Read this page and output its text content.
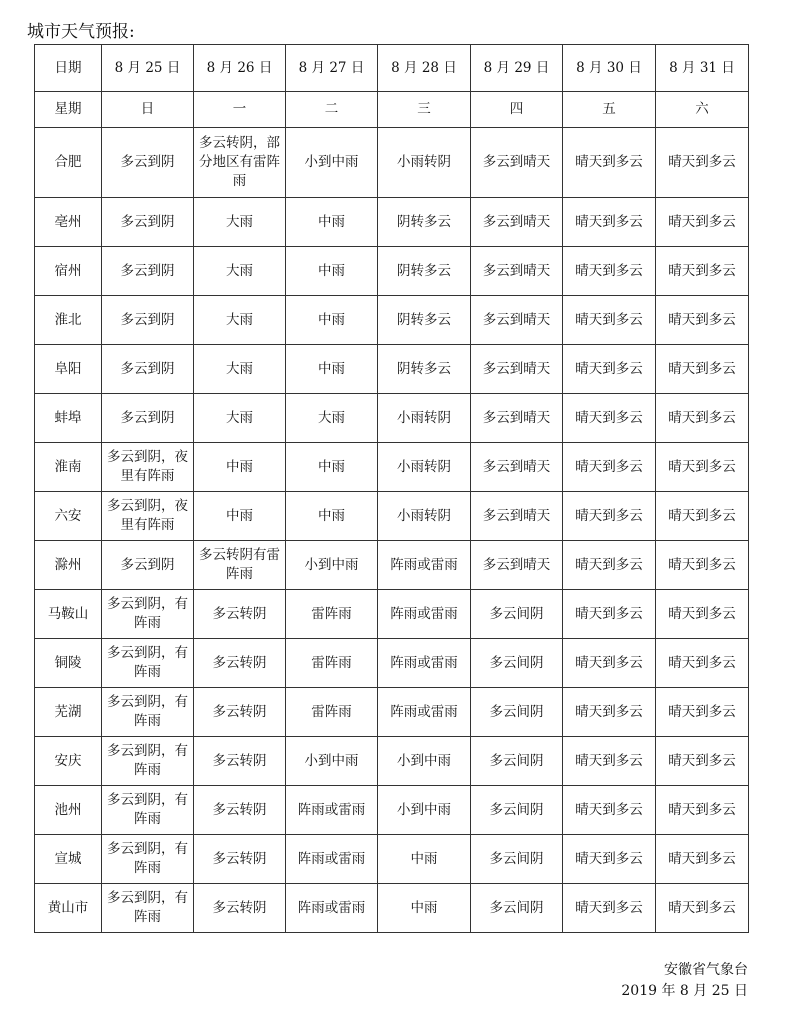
城市天气预报:
日期	8 月 25 日	8 月 26 日	8 月 27 日	8 月 28 日	8 月 29 日	8 月 30 日	8 月 31 日
星期	日	一	二	三	四	五	六
合肥	多云到阴	多云转阴，部分地区有雷阵雨	小到中雨	小雨转阴	多云到晴天	晴天到多云	晴天到多云
亳州	多云到阴	大雨	中雨	阴转多云	多云到晴天	晴天到多云	晴天到多云
宿州	多云到阴	大雨	中雨	阴转多云	多云到晴天	晴天到多云	晴天到多云
淮北	多云到阴	大雨	中雨	阴转多云	多云到晴天	晴天到多云	晴天到多云
阜阳	多云到阴	大雨	中雨	阴转多云	多云到晴天	晴天到多云	晴天到多云
蚌埠	多云到阴	大雨	大雨	小雨转阴	多云到晴天	晴天到多云	晴天到多云
淮南	多云到阴，夜里有阵雨	中雨	中雨	小雨转阴	多云到晴天	晴天到多云	晴天到多云
六安	多云到阴，夜里有阵雨	中雨	中雨	小雨转阴	多云到晴天	晴天到多云	晴天到多云
滁州	多云到阴	多云转阴有雷阵雨	小到中雨	阵雨或雷雨	多云到晴天	晴天到多云	晴天到多云
马鞍山	多云到阴，有阵雨	多云转阴	雷阵雨	阵雨或雷雨	多云间阴	晴天到多云	晴天到多云
铜陵	多云到阴，有阵雨	多云转阴	雷阵雨	阵雨或雷雨	多云间阴	晴天到多云	晴天到多云
芜湖	多云到阴，有阵雨	多云转阴	雷阵雨	阵雨或雷雨	多云间阴	晴天到多云	晴天到多云
安庆	多云到阴，有阵雨	多云转阴	小到中雨	小到中雨	多云间阴	晴天到多云	晴天到多云
池州	多云到阴，有阵雨	多云转阴	阵雨或雷雨	小到中雨	多云间阴	晴天到多云	晴天到多云
宣城	多云到阴，有阵雨	多云转阴	阵雨或雷雨	中雨	多云间阴	晴天到多云	晴天到多云
黄山市	多云到阴，有阵雨	多云转阴	阵雨或雷雨	中雨	多云间阴	晴天到多云	晴天到多云
安徽省气象台
2019 年 8 月 25 日
